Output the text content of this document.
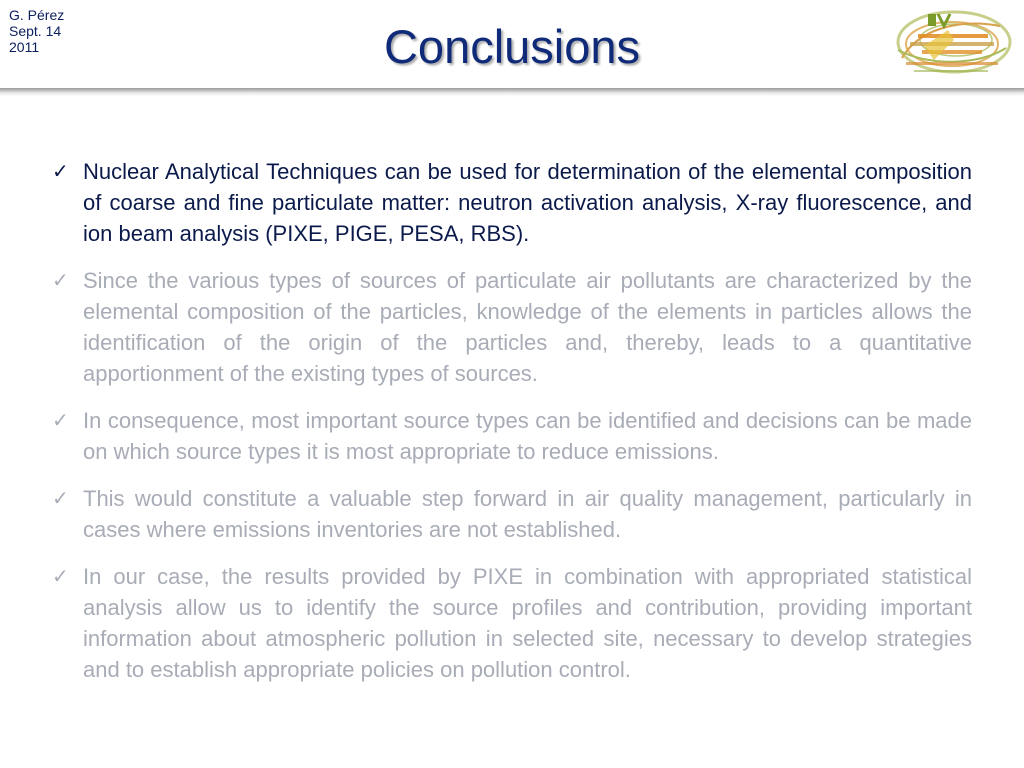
G. Pérez
Sept. 14
2011	Conclusions
✓ Nuclear Analytical Techniques can be used for determination of the elemental composition of coarse and fine particulate matter: neutron activation analysis, X-ray fluorescence, and ion beam analysis (PIXE, PIGE, PESA, RBS).
✓ Since the various types of sources of particulate air pollutants are characterized by the elemental composition of the particles, knowledge of the elements in particles allows the identification of the origin of the particles and, thereby, leads to a quantitative apportionment of the existing types of sources.
✓ In consequence, most important source types can be identified and decisions can be made on which source types it is most appropriate to reduce emissions.
✓ This would constitute a valuable step forward in air quality management, particularly in cases where emissions inventories are not established.
✓ In our case, the results provided by PIXE in combination with appropriated statistical analysis allow us to identify the source profiles and contribution, providing important information about atmospheric pollution in selected site, necessary to develop strategies and to establish appropriate policies on pollution control.
